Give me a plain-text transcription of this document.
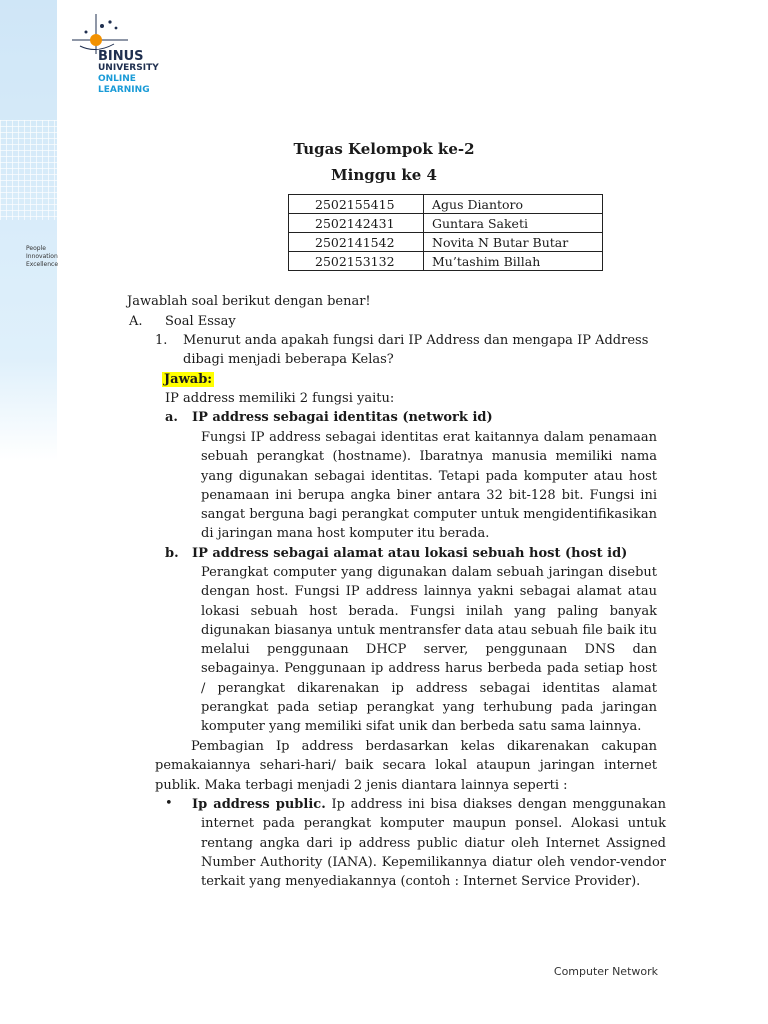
People
Innovation
Excellence
BINUS
UNIVERSITY
ONLINE
LEARNING
Tugas Kelompok ke-2
Minggu ke 4
2502155415	Agus Diantoro
2502142431	Guntara Saketi
2502141542	Novita N Butar Butar
2502153132	Mu’tashim Billah
Jawablah soal berikut dengan benar!
A. Soal Essay
1. Menurut anda apakah fungsi dari IP Address dan mengapa IP Address
dibagi menjadi beberapa Kelas?
Jawab:
IP address memiliki 2 fungsi yaitu:
a. IP address sebagai identitas (network id)
Fungsi IP address sebagai identitas erat kaitannya dalam penamaan sebuah perangkat (hostname). Ibaratnya manusia memiliki nama yang digunakan sebagai identitas. Tetapi pada komputer atau host penamaan ini berupa angka biner antara 32 bit-128 bit. Fungsi ini sangat berguna bagi perangkat computer untuk mengidentifikasikan di jaringan mana host komputer itu berada.
b. IP address sebagai alamat atau lokasi sebuah host (host id)
Perangkat computer yang digunakan dalam sebuah jaringan disebut dengan host. Fungsi IP address lainnya yakni sebagai alamat atau lokasi sebuah host berada. Fungsi inilah yang paling banyak digunakan biasanya untuk mentransfer data atau sebuah file baik itu melalui penggunaan DHCP server, penggunaan DNS dan sebagainya. Penggunaan ip address harus berbeda pada setiap host / perangkat dikarenakan ip address sebagai identitas alamat perangkat pada setiap perangkat yang terhubung pada jaringan komputer yang memiliki sifat unik dan berbeda satu sama lainnya.
Pembagian Ip address berdasarkan kelas dikarenakan cakupan pemakaiannya sehari-hari/ baik secara lokal ataupun jaringan internet publik. Maka terbagi menjadi 2 jenis diantara lainnya seperti :
• Ip address public. Ip address ini bisa diakses dengan menggunakan internet pada perangkat komputer maupun ponsel. Alokasi untuk rentang angka dari ip address public diatur oleh Internet Assigned Number Authority (IANA). Kepemilikannya diatur oleh vendor-vendor terkait yang menyediakannya (contoh : Internet Service Provider).
Computer Network
